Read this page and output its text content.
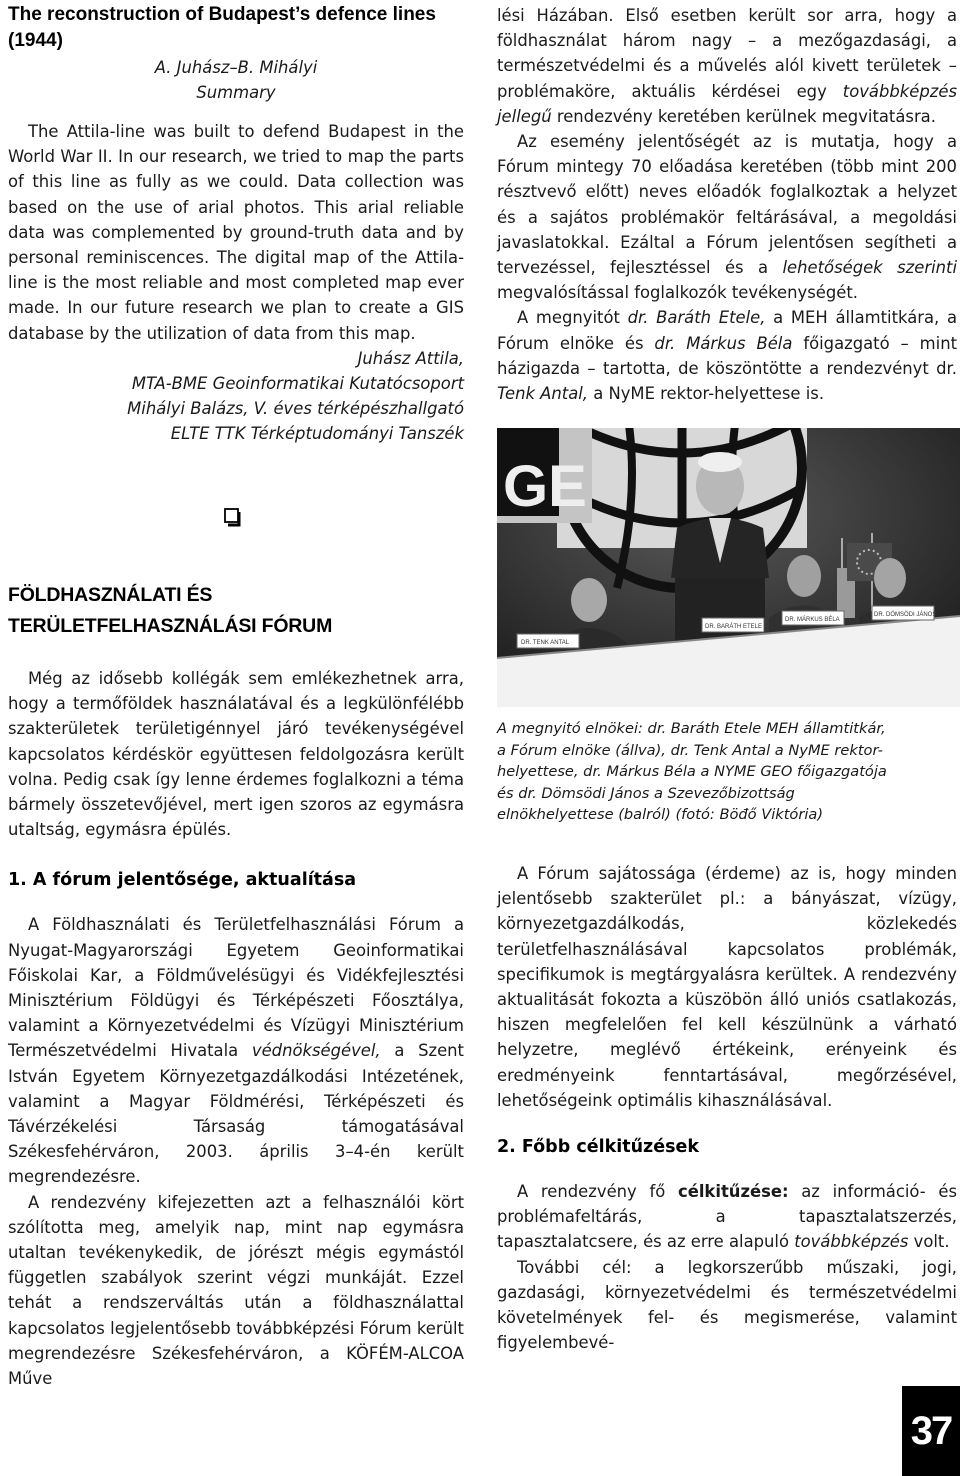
The reconstruction of Budapest’s defence lines (1944)
A. Juhász–B. Mihályi
Summary

The Attila-line was built to defend Budapest in the World War II. In our research, we tried to map the parts of this line as fully as we could. Data collection was based on the use of arial photos. This arial reliable data was complemented by ground-truth data and by personal reminiscences. The digital map of the Attila-line is the most reliable and most completed map ever made. In our future research we plan to create a GIS database by the utilization of data from this map.

Juhász Attila,
MTA-BME Geoinformatikai Kutatócsoport
Mihályi Balázs, V. éves térképészhallgató
ELTE TTK Térképtudományi Tanszék
FÖLDHASZNÁLATI ÉS TERÜLETFELHASZNÁLÁSI FÓRUM

Még az idősebb kollégák sem emlékezhetnek arra, hogy a termőföldek használatával és a legkülönfélébb szakterületek területigénnyel járó tevékenységével kapcsolatos kérdéskör együttesen feldolgozásra került volna. Pedig csak így lenne érdemes foglalkozni a téma bármely összetevőjével, mert igen szoros az egymásra utaltság, egymásra épülés.

1. A fórum jelentősége, aktualítása

A Földhasználati és Területfelhasználási Fórum a Nyugat-Magyarországi Egyetem Geoinformatikai Főiskolai Kar, a Földművelésügyi és Vidékfejlesztési Minisztérium Földügyi és Térképészeti Főosztálya, valamint a Környezetvédelmi és Vízügyi Minisztérium Természetvédelmi Hivatala védnökségével, a Szent István Egyetem Környezetgazdálkodási Intézetének, valamint a Magyar Földmérési, Térképészeti és Távérzékelési Társaság támogatásával Székesfehérváron, 2003. április 3–4-én került megrendezésre.

A rendezvény kifejezetten azt a felhasználói kört szólította meg, amelyik nap, mint nap egymásra utaltan tevékenykedik, de jórészt mégis egymástól független szabályok szerint végzi munkáját. Ezzel tehát a rendszerváltás után a földhasználattal kapcsolatos legjelentősebb továbbképzési Fórum került megrendezésre Székesfehérváron, a KÖFÉM-ALCOA Műve

lési Házában. Első esetben került sor arra, hogy a földhasználat három nagy – a mezőgazdasági, a természetvédelmi és a művelés alól kivett területek – problémaköre, aktuális kérdései egy továbbképzés jellegű rendezvény keretében kerülnek megvitatásra.

Az esemény jelentőségét az is mutatja, hogy a Fórum mintegy 70 előadása keretében (több mint 200 résztvevő előtt) neves előadók foglalkoztak a helyzet és a sajátos problémakör feltárásával, a megoldási javaslatokkal. Ezáltal a Fórum jelentősen segítheti a tervezéssel, fejlesztéssel és a lehetőségek szerinti megvalósítással foglalkozók tevékenységét.

A megnyitót dr. Baráth Etele, a MEH államtitkára, a Fórum elnöke és dr. Márkus Béla főigazgató – mint házigazda – tartotta, de köszöntötte a rendezvényt dr. Tenk Antal, a NyME rektor-helyettese is.

GE
DR. TENK ANTAL
DR. BARÁTH ETELE
DR. MÁRKUS BÉLA
DR. DÖMSÖDI JÁNOS
A megnyitó elnökei: dr. Baráth Etele MEH államtitkár, a Fórum elnöke (állva), dr. Tenk Antal a NyME rektor-helyettese, dr. Márkus Béla a NYME GEO főigazgatója és dr. Dömsödi János a Szevezőbizottság elnökhelyettese (balról) (fotó: Böđő Viktória)

A Fórum sajátossága (érdeme) az is, hogy minden jelentősebb szakterület pl.: a bányászat, vízügy, környezetgazdálkodás, közlekedés területfelhasználásával kapcsolatos problémák, specifikumok is megtárgyalásra kerültek. A rendezvény aktualitását fokozta a küszöbön álló uniós csatlakozás, hiszen megfelelően fel kell készülnünk a várható helyzetre, meglévő értékeink, erényeink és eredményeink fenntartásával, megőrzésével, lehetőségeink optimális kihasználásával.

2. Főbb célkitűzések

A rendezvény fő célkitűzése: az információ- és problémafeltárás, a tapasztalatszerzés, tapasztalatcsere, és az erre alapuló továbbképzés volt.

További cél: a legkorszerűbb műszaki, jogi, gazdasági, környezetvédelmi és természetvédelmi követelmények fel- és megismerése, valamint figyelembevé-

37
